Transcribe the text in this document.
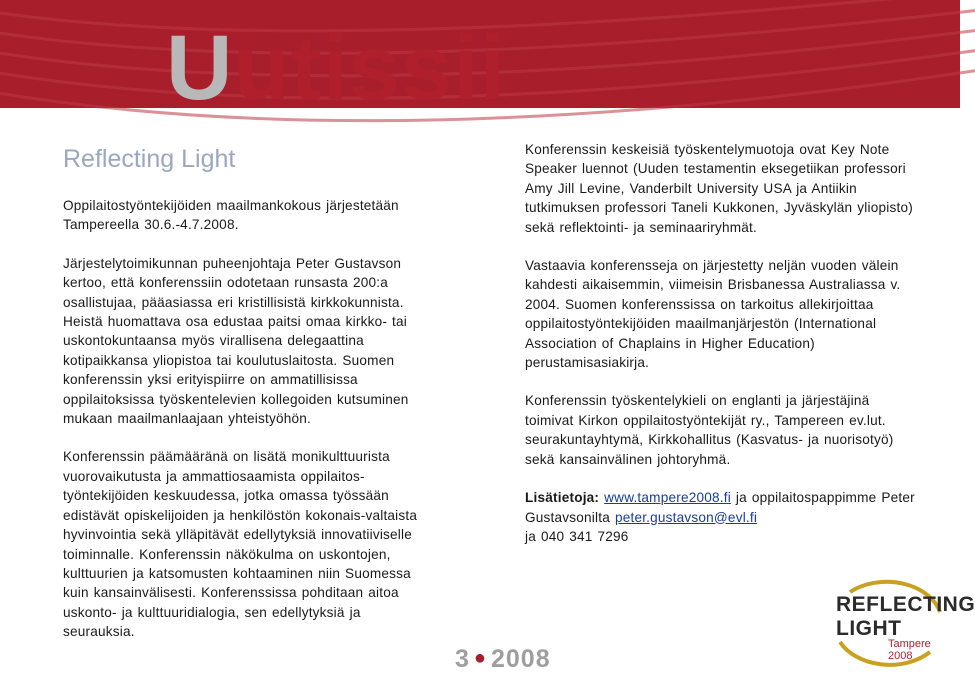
Uutissii
Reflecting Light

Oppilaitostyöntekijöiden maailmankokous järjestetään Tampereella 30.6.-4.7.2008.

Järjestelytoimikunnan puheenjohtaja Peter Gustavson kertoo, että konferenssiin odotetaan runsasta 200:a osallistujaa, pääasiassa eri kristillisistä kirkkokunnista. Heistä huomattava osa edustaa paitsi omaa kirkko- tai uskontokuntaansa myös virallisena delegaattina kotipaikkansa yliopistoa tai koulutuslaitosta. Suomen konferenssin yksi erityispiirre on ammatillisissa oppilaitoksissa työskentelevien kollegoiden kutsuminen mukaan maailmanlaajaan yhteistyöhön.

Konferenssin päämääränä on lisätä monikulttuurista vuorovaikutusta ja ammattiosaamista oppilaitos-työntekijöiden keskuudessa, jotka omassa työssään edistävät opiskelijoiden ja henkilöstön kokonais-valtaista hyvinvointia sekä ylläpitävät edellytyksiä innovatiiviselle toiminnalle. Konferenssin näkökulma on uskontojen, kulttuurien ja katsomusten kohtaaminen niin Suomessa kuin kansainvälisesti. Konferenssissa pohditaan aitoa uskonto- ja kulttuuridialogia, sen edellytyksiä ja seurauksia.

Konferenssin keskeisiä työskentelymuotoja ovat Key Note Speaker luennot (Uuden testamentin eksegetiikan professori Amy Jill Levine, Vanderbilt University USA ja Antiikin tutkimuksen professori Taneli Kukkonen, Jyväskylän yliopisto) sekä reflektointi- ja seminaariryhmät.

Vastaavia konferensseja on järjestetty neljän vuoden välein kahdesti aikaisemmin, viimeisin Brisbanessa Australiassa v. 2004. Suomen konferenssissa on tarkoitus allekirjoittaa oppilaitostyöntekijöiden maailmanjärjestön (International Association of Chaplains in Higher Education) perustamisasiakirja.

Konferenssin työskentelykieli on englanti ja järjestäjinä toimivat Kirkon oppilaitostyöntekijät ry., Tampereen ev.lut. seurakuntayhtymä, Kirkkohallitus (Kasvatus- ja nuorisotyö) sekä kansainvälinen johtoryhmä.

Lisätietoja: www.tampere2008.fi ja oppilaitospappimme Peter Gustavsonilta peter.gustavson@evl.fi
ja 040 341 7296

3 ● 2008
REFLECTING
LIGHT
Tampere 2008
